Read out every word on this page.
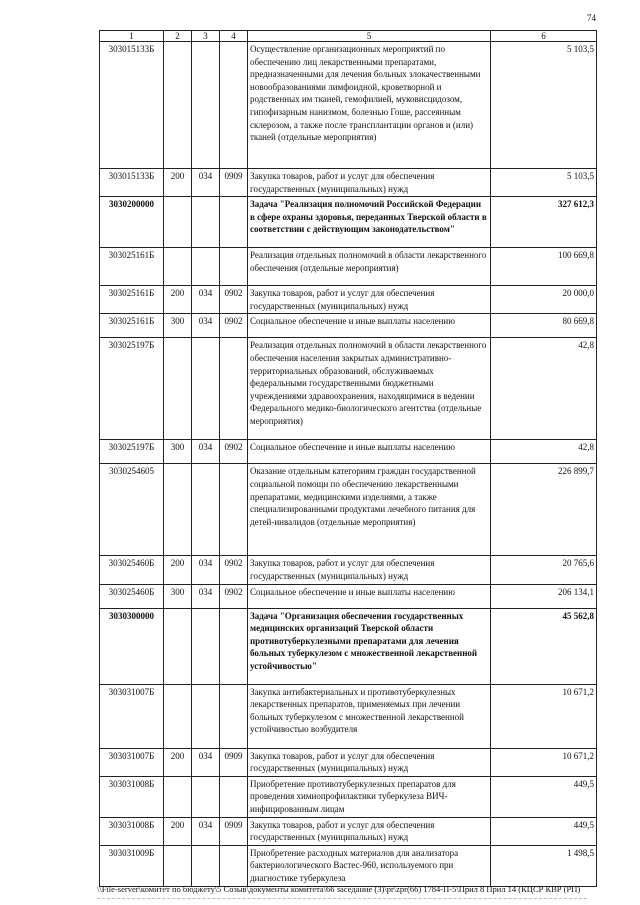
74
1	2	3	4	5	6
303015133Б				Осуществление организационных мероприятий по обеспечению лиц лекарственными препаратами, предназначенными для лечения больных злокачественными новообразованиями лимфоидной, кроветворной и родственных им тканей, гемофилией, муковисцидозом, гипофизарным нанизмом, болезнью Гоше, рассеянным склерозом, а также после трансплантации органов и (или) тканей (отдельные мероприятия)	5 103,5
303015133Б	200	034	0909	Закупка товаров, работ и услуг для обеспечения государственных (муниципальных) нужд	5 103,5
3030200000				Задача "Реализация полномочий Российской Федерации в сфере охраны здоровья, переданных Тверской области в соответствии с действующим законодательством"	327 612,3
303025161Б				Реализация отдельных полномочий в области лекарственного обеспечения (отдельные мероприятия)	100 669,8
303025161Б	200	034	0902	Закупка товаров, работ и услуг для обеспечения государственных (муниципальных) нужд	20 000,0
303025161Б	300	034	0902	Социальное обеспечение и иные выплаты населению	80 669,8
303025197Б				Реализация отдельных полномочий в области лекарственного обеспечения населения закрытых административно-территориальных образований, обслуживаемых федеральными государственными бюджетными учреждениями здравоохранения, находящимися в ведении Федерального медико-биологического агентства (отдельные мероприятия)	42,8
303025197Б	300	034	0902	Социальное обеспечение и иные выплаты населению	42,8
3030254605				Оказание отдельным категориям граждан государственной социальной помощи по обеспечению лекарственными препаратами, медицинскими изделиями, а также специализированными продуктами лечебного питания для детей-инвалидов (отдельные мероприятия)	226 899,7
303025460Б	200	034	0902	Закупка товаров, работ и услуг для обеспечения государственных (муниципальных) нужд	20 765,6
303025460Б	300	034	0902	Социальное обеспечение и иные выплаты населению	206 134,1
3030300000				Задача "Организация обеспечения государственных медицинских организаций Тверской области противотуберкулезными препаратами для лечения больных туберкулезом с множественной лекарственной устойчивостью"	45 562,8
303031007Б				Закупка антибактериальных и противотуберкулезных лекарственных препаратов, применяемых при лечении больных туберкулезом с множественной лекарственной устойчивостью возбудителя	10 671,2
303031007Б	200	034	0909	Закупка товаров, работ и услуг для обеспечения государственных (муниципальных) нужд	10 671,2
303031008Б				Приобретение противотуберкулезных препаратов для проведения химиопрофилактики туберкулеза ВИЧ-инфицированным лицам	449,5
303031008Б	200	034	0909	Закупка товаров, работ и услуг для обеспечения государственных (муниципальных) нужд	449,5
303031009Б				Приобретение расходных материалов для анализатора бактериологического Вастес-960, используемого при диагностике туберкулеза	1 498,5
\\File-server\комитет по бюджету\5 Созыв\документы комитета\66 заседание (3)\pr\zpr(66) 1784-П-5\Прил 8 Прил 14 (КЦСР КВР (РП)
